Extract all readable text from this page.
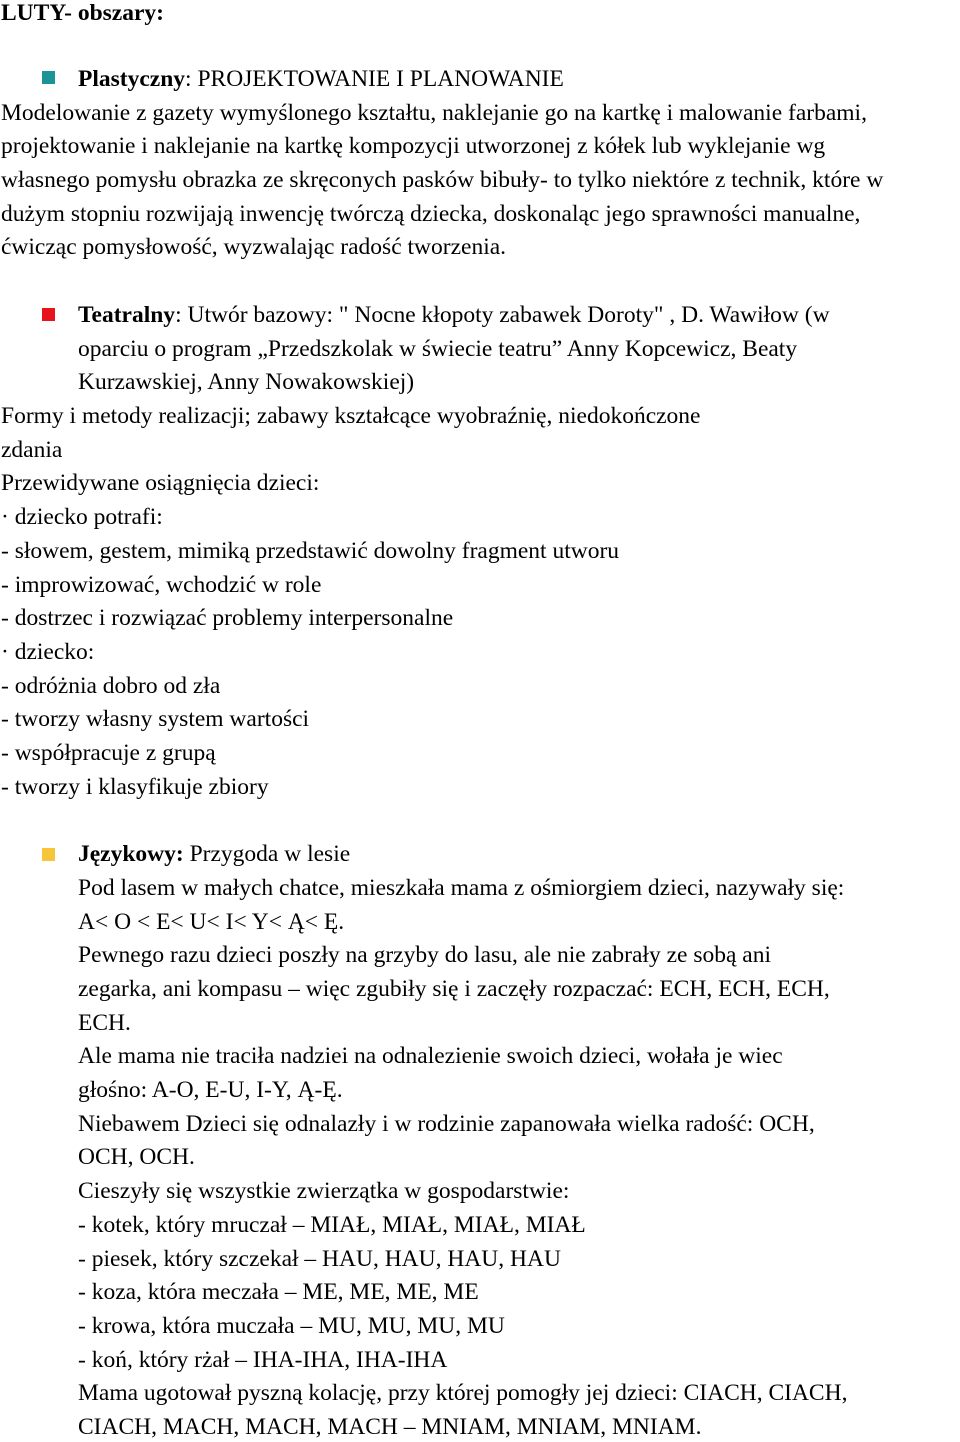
LUTY- obszary:
Plastyczny: PROJEKTOWANIE I PLANOWANIE
Modelowanie z gazety wymyślonego kształtu, naklejanie go na kartkę i malowanie farbami,
projektowanie i naklejanie na kartkę kompozycji utworzonej z kółek lub wyklejanie wg
własnego pomysłu obrazka ze skręconych pasków bibuły- to tylko niektóre z technik, które w
dużym stopniu rozwijają inwencję twórczą dziecka, doskonaląc jego sprawności manualne,
ćwicząc pomysłowość, wyzwalając radość tworzenia.
Teatralny: Utwór bazowy: " Nocne kłopoty zabawek Doroty" , D. Wawiłow (w
oparciu o program „Przedszkolak w świecie teatru” Anny Kopcewicz, Beaty
Kurzawskiej, Anny Nowakowskiej)
Formy i metody realizacji; zabawy kształcące wyobraźnię, niedokończone
zdania
Przewidywane osiągnięcia dzieci:
· dziecko potrafi:
- słowem, gestem, mimiką przedstawić dowolny fragment utworu
- improwizować, wchodzić w role
- dostrzec i rozwiązać problemy interpersonalne
· dziecko:
- odróżnia dobro od zła
- tworzy własny system wartości
- współpracuje z grupą
- tworzy i klasyfikuje zbiory
Językowy: Przygoda w lesie
Pod lasem w małych chatce, mieszkała mama z ośmiorgiem dzieci, nazywały się:
A< O < E< U< I< Y< Ą< Ę.
Pewnego razu dzieci poszły na grzyby do lasu, ale nie zabrały ze sobą ani
zegarka, ani kompasu – więc zgubiły się i zaczęły rozpaczać: ECH, ECH, ECH,
ECH.
Ale mama nie traciła nadziei na odnalezienie swoich dzieci, wołała je wiec
głośno: A-O, E-U, I-Y, Ą-Ę.
Niebawem Dzieci się odnalazły i w rodzinie zapanowała wielka radość: OCH,
OCH, OCH.
Cieszyły się wszystkie zwierzątka w gospodarstwie:
- kotek, który mruczał – MIAŁ, MIAŁ, MIAŁ, MIAŁ
- piesek, który szczekał – HAU, HAU, HAU, HAU
- koza, która meczała – ME, ME, ME, ME
- krowa, która muczała – MU, MU, MU, MU
- koń, który rżał – IHA-IHA, IHA-IHA
Mama ugotował pyszną kolację, przy której pomogły jej dzieci: CIACH, CIACH,
CIACH, MACH, MACH, MACH – MNIAM, MNIAM, MNIAM.
